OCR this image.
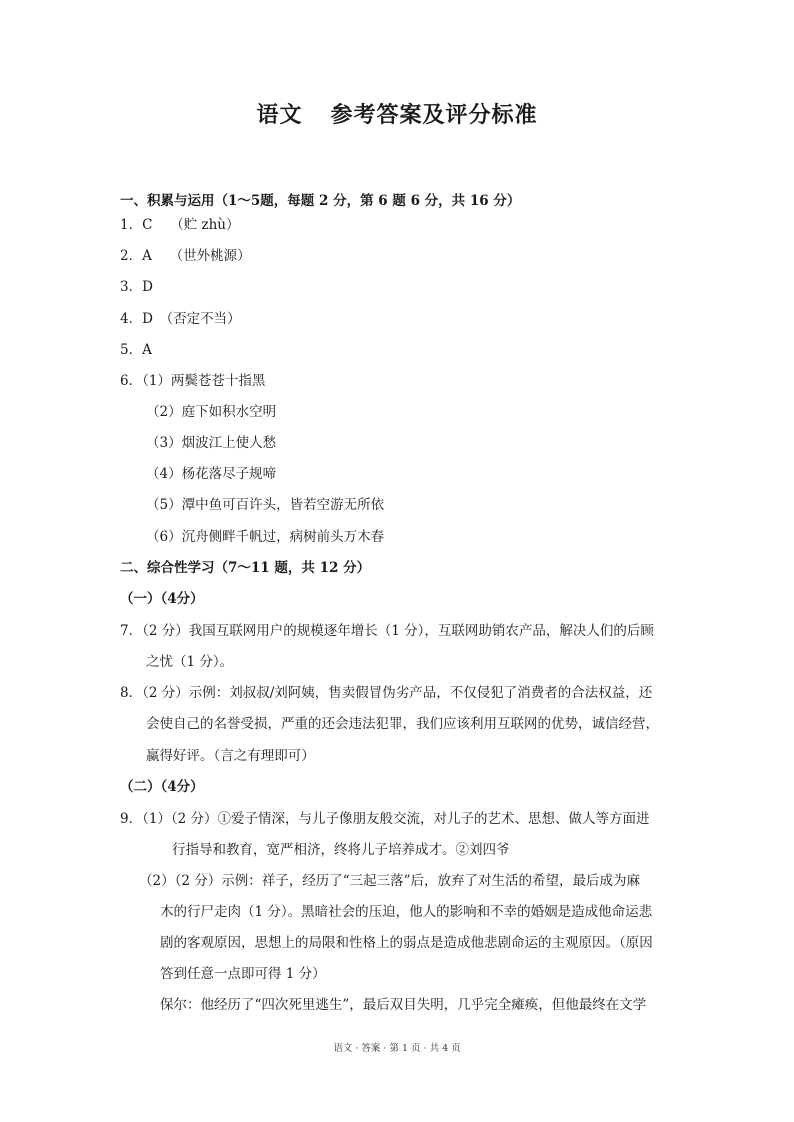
语文 参考答案及评分标准
一、积累与运用（1～5题，每题 2 分，第 6 题 6 分，共 16 分）
1．C　 （贮 zhù）
2．A　 （世外桃源）
3．D
4．D　（否定不当）
5．A
6．（1）两鬓苍苍十指黑
（2）庭下如积水空明
（3）烟波江上使人愁
（4）杨花落尽子规啼
（5）潭中鱼可百许头，皆若空游无所依
（6）沉舟侧畔千帆过，病树前头万木春
二、综合性学习（7～11 题，共 12 分）
（一）（4分）
7．（2 分）我国互联网用户的规模逐年增长（1 分），互联网助销农产品，解决人们的后顾
之忧（1 分）。
8．（2 分）示例：刘叔叔/刘阿姨，售卖假冒伪劣产品，不仅侵犯了消费者的合法权益，还
会使自己的名誉受损，严重的还会违法犯罪，我们应该利用互联网的优势，诚信经营，
赢得好评。（言之有理即可）
（二）（4分）
9．（1）（2 分）①爱子情深，与儿子像朋友般交流，对儿子的艺术、思想、做人等方面进
行指导和教育，宽严相济，终将儿子培养成才。②刘四爷
（2）（2 分）示例：祥子，经历了“三起三落”后，放弃了对生活的希望，最后成为麻
木的行尸走肉（1 分）。黑暗社会的压迫，他人的影响和不幸的婚姻是造成他命运悲
剧的客观原因，思想上的局限和性格上的弱点是造成他悲剧命运的主观原因。（原因
答到任意一点即可得 1 分）
保尔：他经历了“四次死里逃生”，最后双目失明，几乎完全瘫痪，但他最终在文学
语文 · 答案 · 第 1 页 · 共 4 页
